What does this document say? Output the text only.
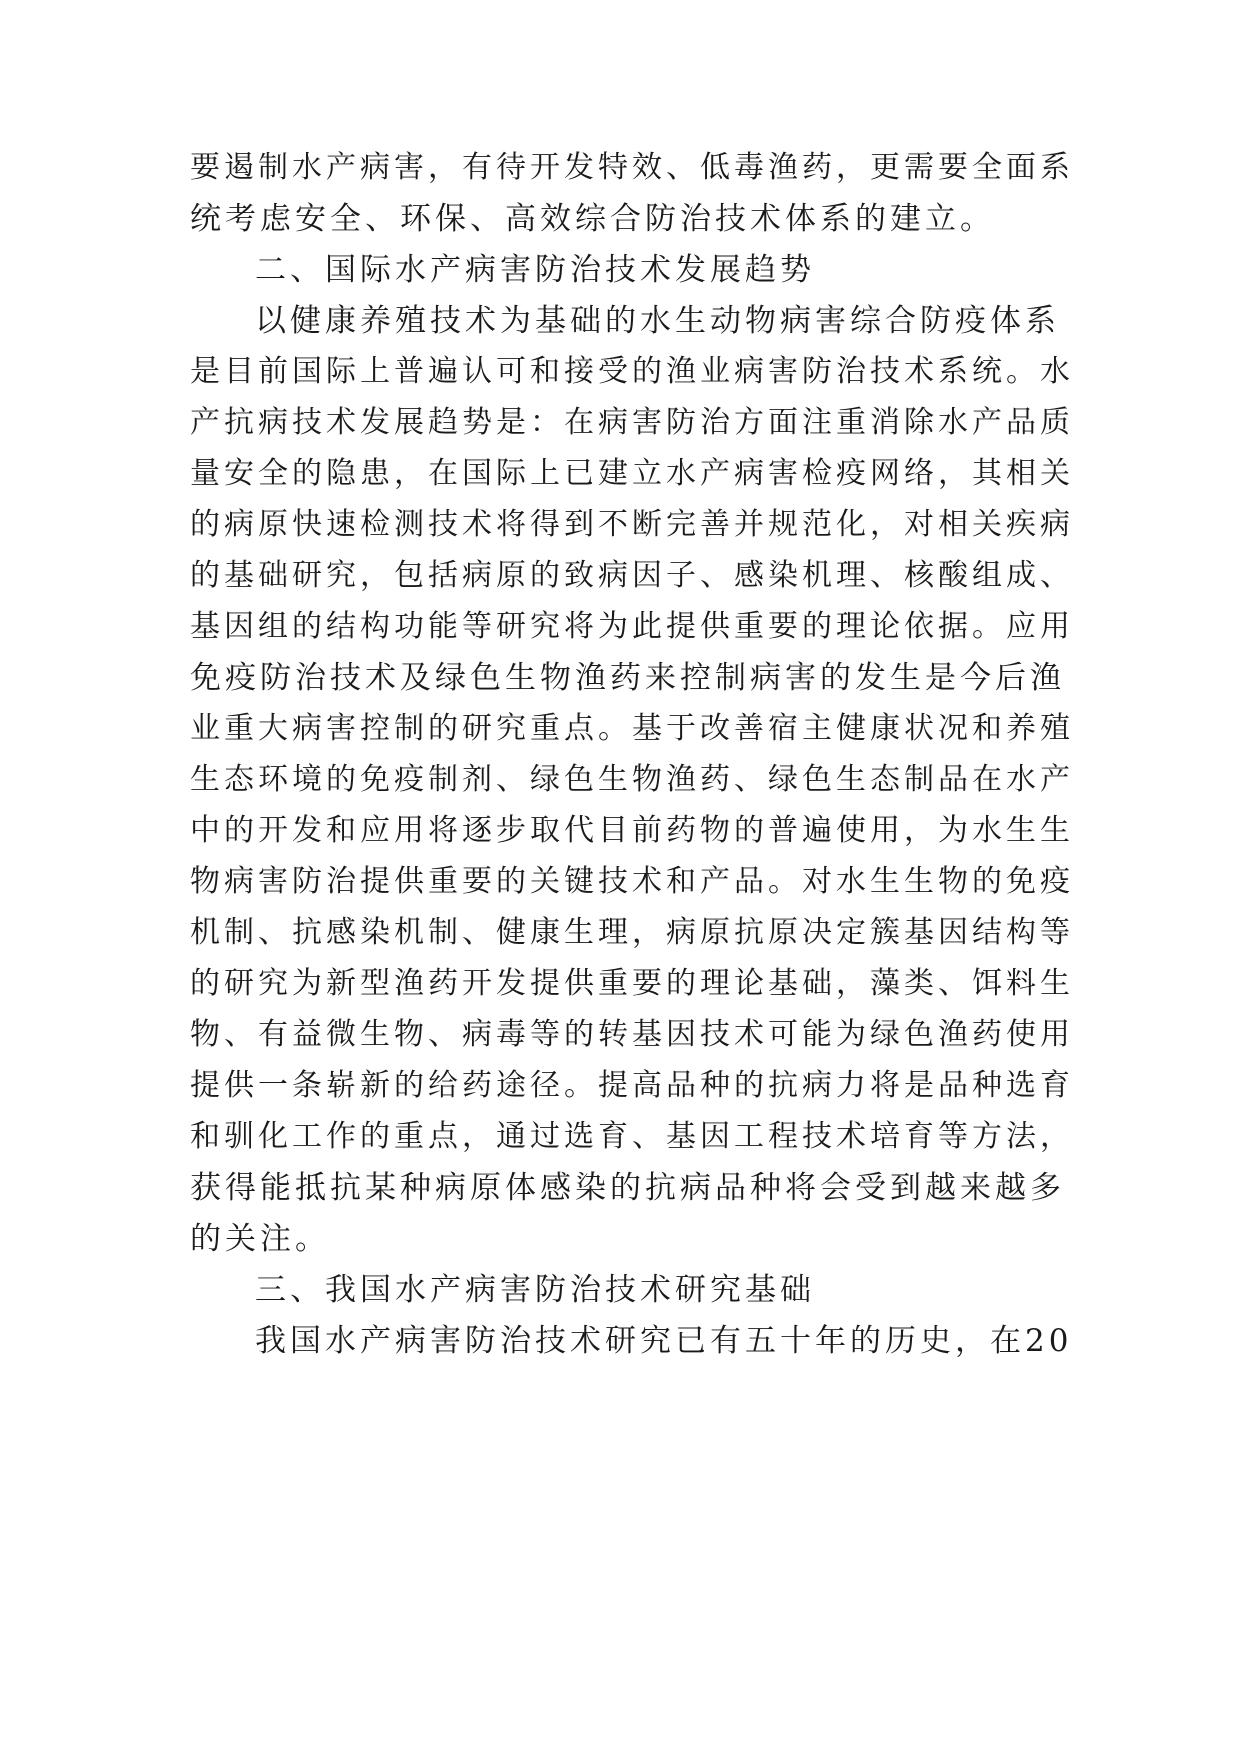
要遏制水产病害，有待开发特效、低毒渔药，更需要全面系
统考虑安全、环保、高效综合防治技术体系的建立。
二、国际水产病害防治技术发展趋势
以健康养殖技术为基础的水生动物病害综合防疫体系
是目前国际上普遍认可和接受的渔业病害防治技术系统。水
产抗病技术发展趋势是：在病害防治方面注重消除水产品质
量安全的隐患，在国际上已建立水产病害检疫网络，其相关
的病原快速检测技术将得到不断完善并规范化，对相关疾病
的基础研究，包括病原的致病因子、感染机理、核酸组成、
基因组的结构功能等研究将为此提供重要的理论依据。应用
免疫防治技术及绿色生物渔药来控制病害的发生是今后渔
业重大病害控制的研究重点。基于改善宿主健康状况和养殖
生态环境的免疫制剂、绿色生物渔药、绿色生态制品在水产
中的开发和应用将逐步取代目前药物的普遍使用，为水生生
物病害防治提供重要的关键技术和产品。对水生生物的免疫
机制、抗感染机制、健康生理，病原抗原决定簇基因结构等
的研究为新型渔药开发提供重要的理论基础，藻类、饵料生
物、有益微生物、病毒等的转基因技术可能为绿色渔药使用
提供一条崭新的给药途径。提高品种的抗病力将是品种选育
和驯化工作的重点，通过选育、基因工程技术培育等方法，
获得能抵抗某种病原体感染的抗病品种将会受到越来越多
的关注。
三、我国水产病害防治技术研究基础
我国水产病害防治技术研究已有五十年的历史，在20
